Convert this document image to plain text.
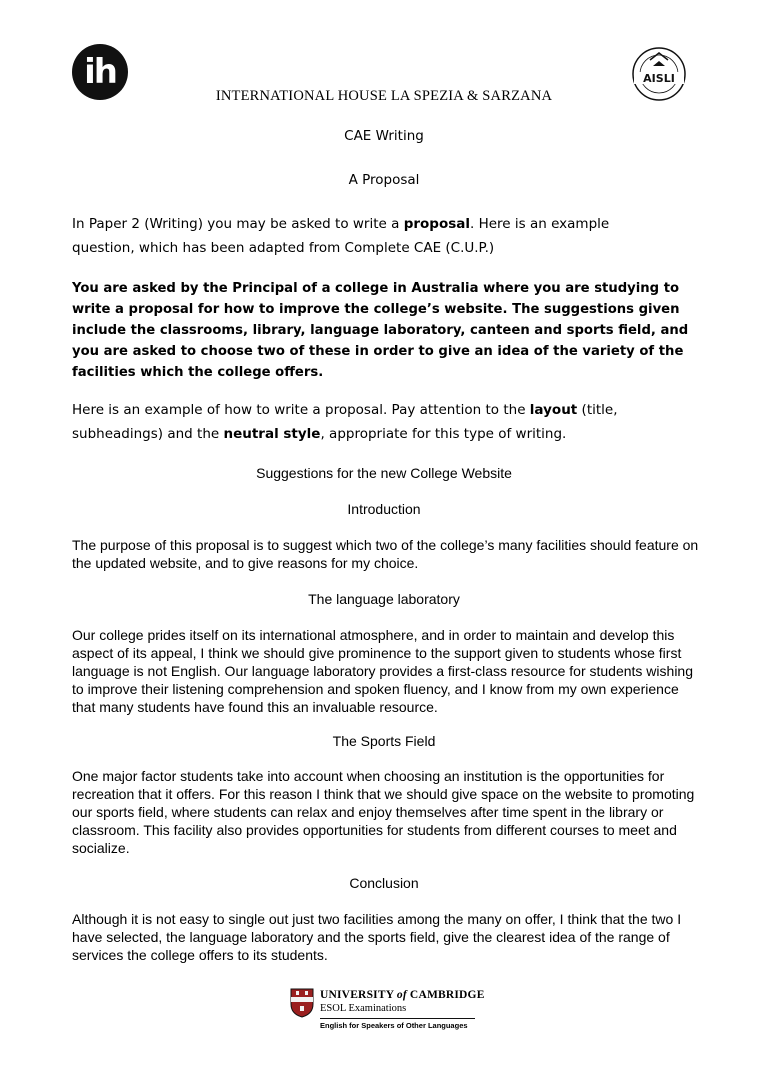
ih	AISLI
INTERNATIONAL HOUSE LA SPEZIA & SARZANA
CAE Writing
A Proposal
In Paper 2 (Writing) you may be asked to write a proposal. Here is an example question, which has been adapted from Complete CAE (C.U.P.)
You are asked by the Principal of a college in Australia where you are studying to write a proposal for how to improve the college’s website. The suggestions given include the classrooms, library, language laboratory, canteen and sports field, and you are asked to choose two of these in order to give an idea of the variety of the facilities which the college offers.
Here is an example of how to write a proposal. Pay attention to the layout (title, subheadings) and the neutral style, appropriate for this type of writing.
Suggestions for the new College Website
Introduction
The purpose of this proposal is to suggest which two of the college’s many facilities should feature on the updated website, and to give reasons for my choice.
The language laboratory
Our college prides itself on its international atmosphere, and in order to maintain and develop this aspect of its appeal, I think we should give prominence to the support given to students whose first language is not English. Our language laboratory provides a first-class resource for students wishing to improve their listening comprehension and spoken fluency, and I know from my own experience that many students have found this an invaluable resource.
The Sports Field
One major factor students take into account when choosing an institution is the opportunities for recreation that it offers. For this reason I think that we should give space on the website to promoting our sports field, where students can relax and enjoy themselves after time spent in the library or classroom. This facility also provides opportunities for students from different courses to meet and socialize.
Conclusion
Although it is not easy to single out just two facilities among the many on offer, I think that the two I have selected, the language laboratory and the sports field, give the clearest idea of the range of services the college offers to its students.
UNIVERSITY of CAMBRIDGE
ESOL Examinations
English for Speakers of Other Languages
